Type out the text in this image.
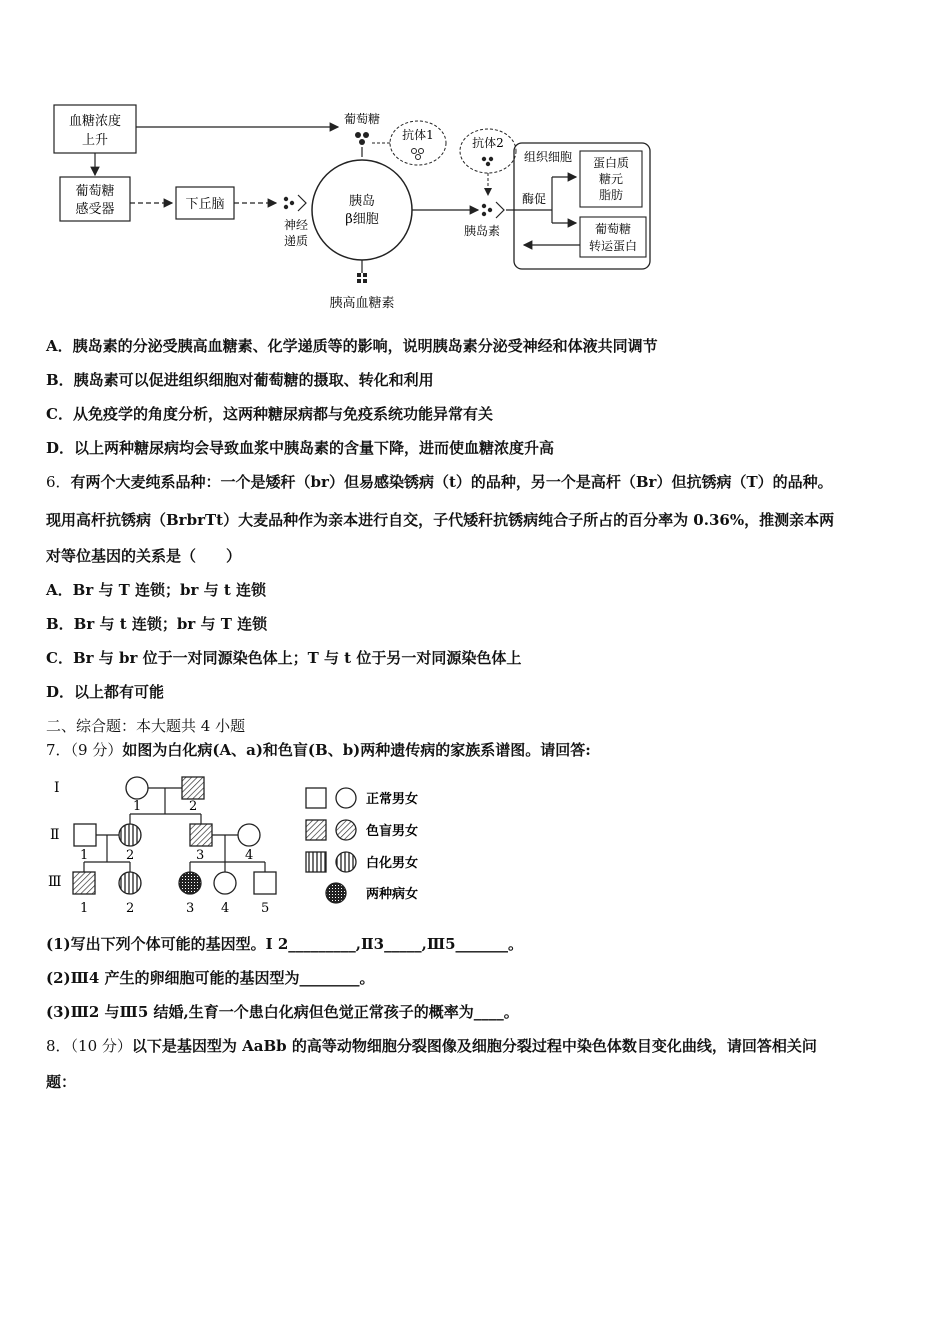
血糖浓度
上升
葡萄糖
抗体1
葡萄糖
感受器	下丘脑
神经
递质
胰岛
β细胞
胰高血糖素
胰岛素
抗体2
组织细胞
酶促
蛋白质
糖元
脂肪
葡萄糖
转运蛋白
A．胰岛素的分泌受胰高血糖素、化学递质等的影响，说明胰岛素分泌受神经和体液共同调节
B．胰岛素可以促进组织细胞对葡萄糖的摄取、转化和利用
C．从免疫学的角度分析，这两种糖尿病都与免疫系统功能异常有关
D．以上两种糖尿病均会导致血浆中胰岛素的含量下降，进而使血糖浓度升高
6．有两个大麦纯系品种：一个是矮秆（br）但易感染锈病（t）的品种，另一个是高杆（Br）但抗锈病（T）的品种。
现用高杆抗锈病（BrbrTt）大麦品种作为亲本进行自交，子代矮秆抗锈病纯合子所占的百分率为 0.36%，推测亲本两
对等位基因的关系是（　　）
A．Br 与 T 连锁；br 与 t 连锁
B．Br 与 t 连锁；br 与 T 连锁
C．Br 与 br 位于一对同源染色体上；T 与 t 位于另一对同源染色体上
D．以上都有可能
二、综合题：本大题共 4 小题
7．（9 分）如图为白化病(A、a)和色盲(B、b)两种遗传病的家族系谱图。请回答:
Ⅰ
Ⅱ
Ⅲ
1	2
1	2	3	4
1	2	3 4 5
正常男女
色盲男女
白化男女
两种病女
(1)写出下列个体可能的基因型。Ⅰ 2_________,Ⅱ3_____,Ⅲ5_______。
(2)Ⅲ4 产生的卵细胞可能的基因型为________。
(3)Ⅲ2 与Ⅲ5 结婚,生育一个患白化病但色觉正常孩子的概率为____。
8．（10 分）以下是基因型为 AaBb 的高等动物细胞分裂图像及细胞分裂过程中染色体数目变化曲线，请回答相关问
题：
